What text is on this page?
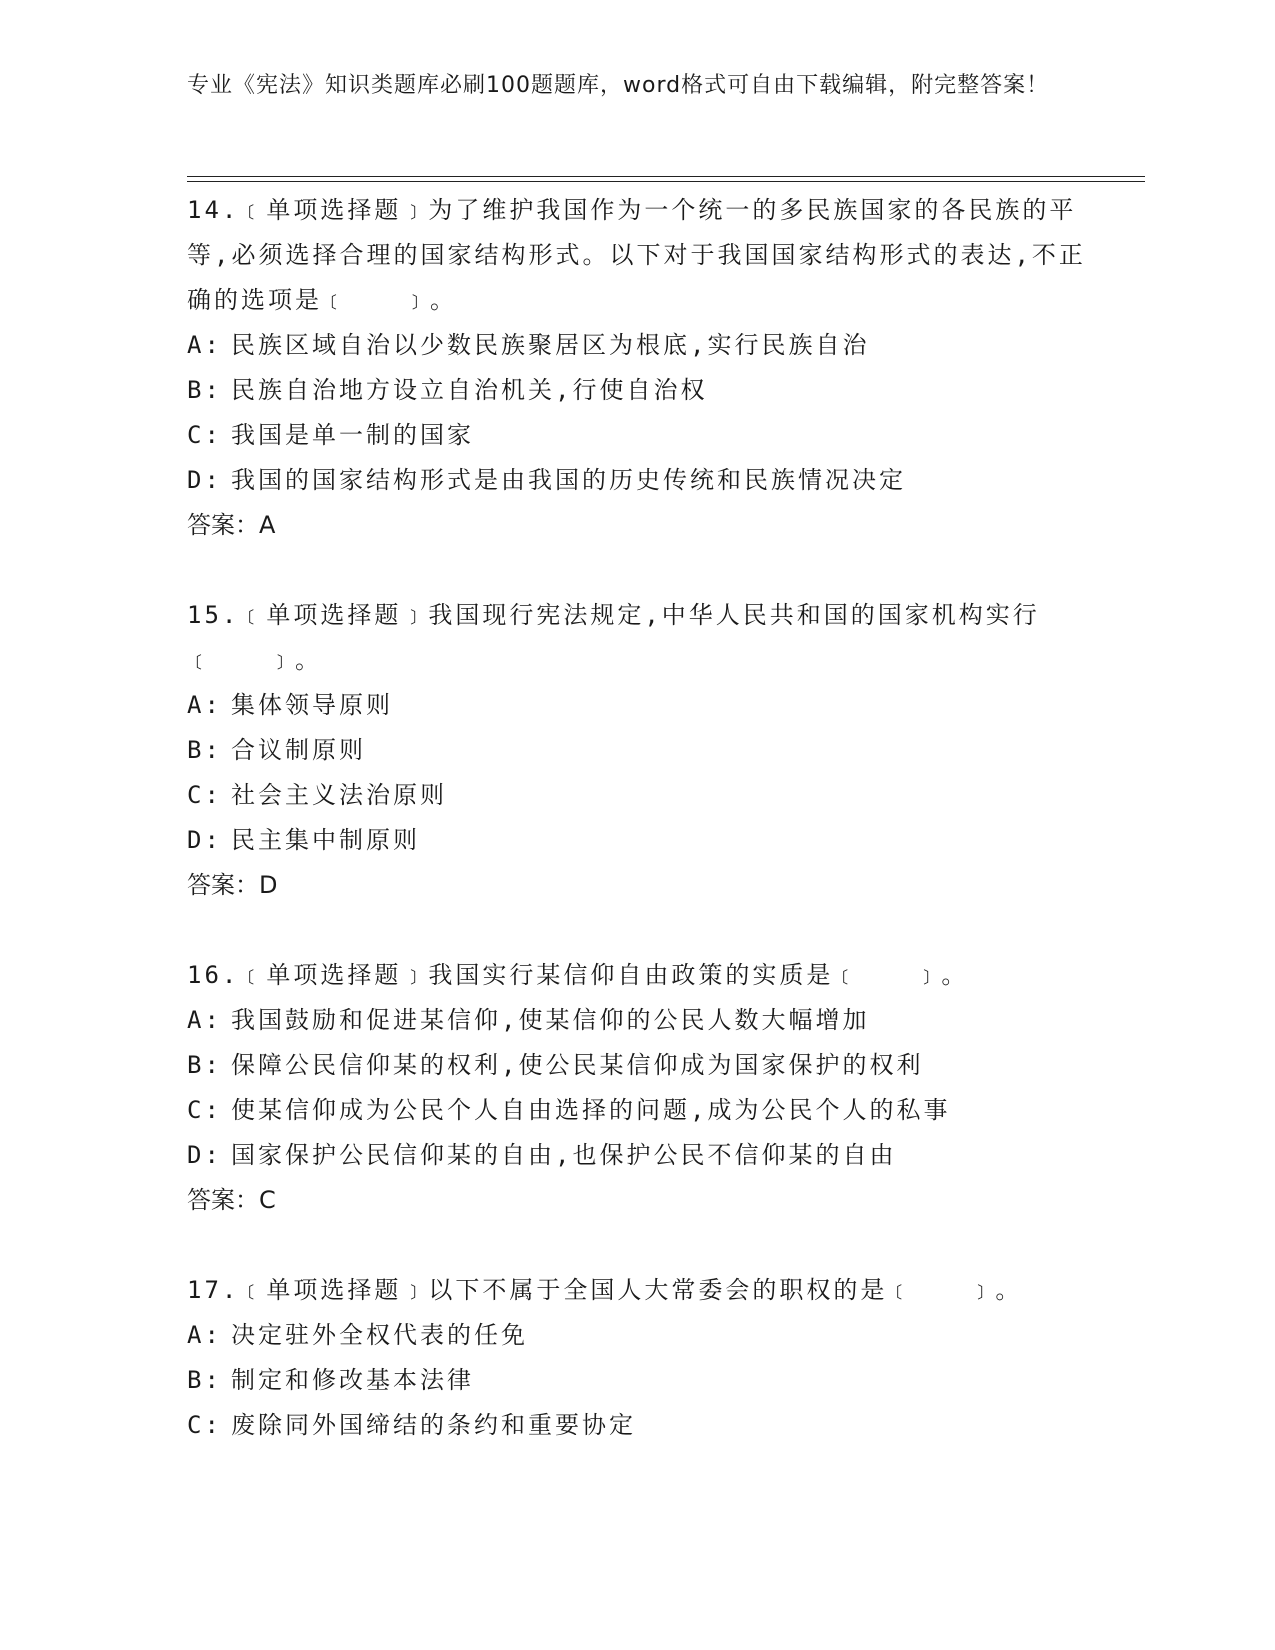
专业《宪法》知识类题库必刷100题题库，word格式可自由下载编辑，附完整答案！
14.﹝单项选择题﹞为了维护我国作为一个统一的多民族国家的各民族的平等,必须选择合理的国家结构形式。以下对于我国国家结构形式的表达,不正确的选项是﹝　　﹞。
A: 民族区域自治以少数民族聚居区为根底,实行民族自治
B: 民族自治地方设立自治机关,行使自治权
C: 我国是单一制的国家
D: 我国的国家结构形式是由我国的历史传统和民族情况决定
答案：A
15.﹝单项选择题﹞我国现行宪法规定,中华人民共和国的国家机构实行﹝　　﹞。
A: 集体领导原则
B: 合议制原则
C: 社会主义法治原则
D: 民主集中制原则
答案：D
16.﹝单项选择题﹞我国实行某信仰自由政策的实质是﹝　　﹞。
A: 我国鼓励和促进某信仰,使某信仰的公民人数大幅增加
B: 保障公民信仰某的权利,使公民某信仰成为国家保护的权利
C: 使某信仰成为公民个人自由选择的问题,成为公民个人的私事
D: 国家保护公民信仰某的自由,也保护公民不信仰某的自由
答案：C
17.﹝单项选择题﹞以下不属于全国人大常委会的职权的是﹝　　﹞。
A: 决定驻外全权代表的任免
B: 制定和修改基本法律
C: 废除同外国缔结的条约和重要协定
